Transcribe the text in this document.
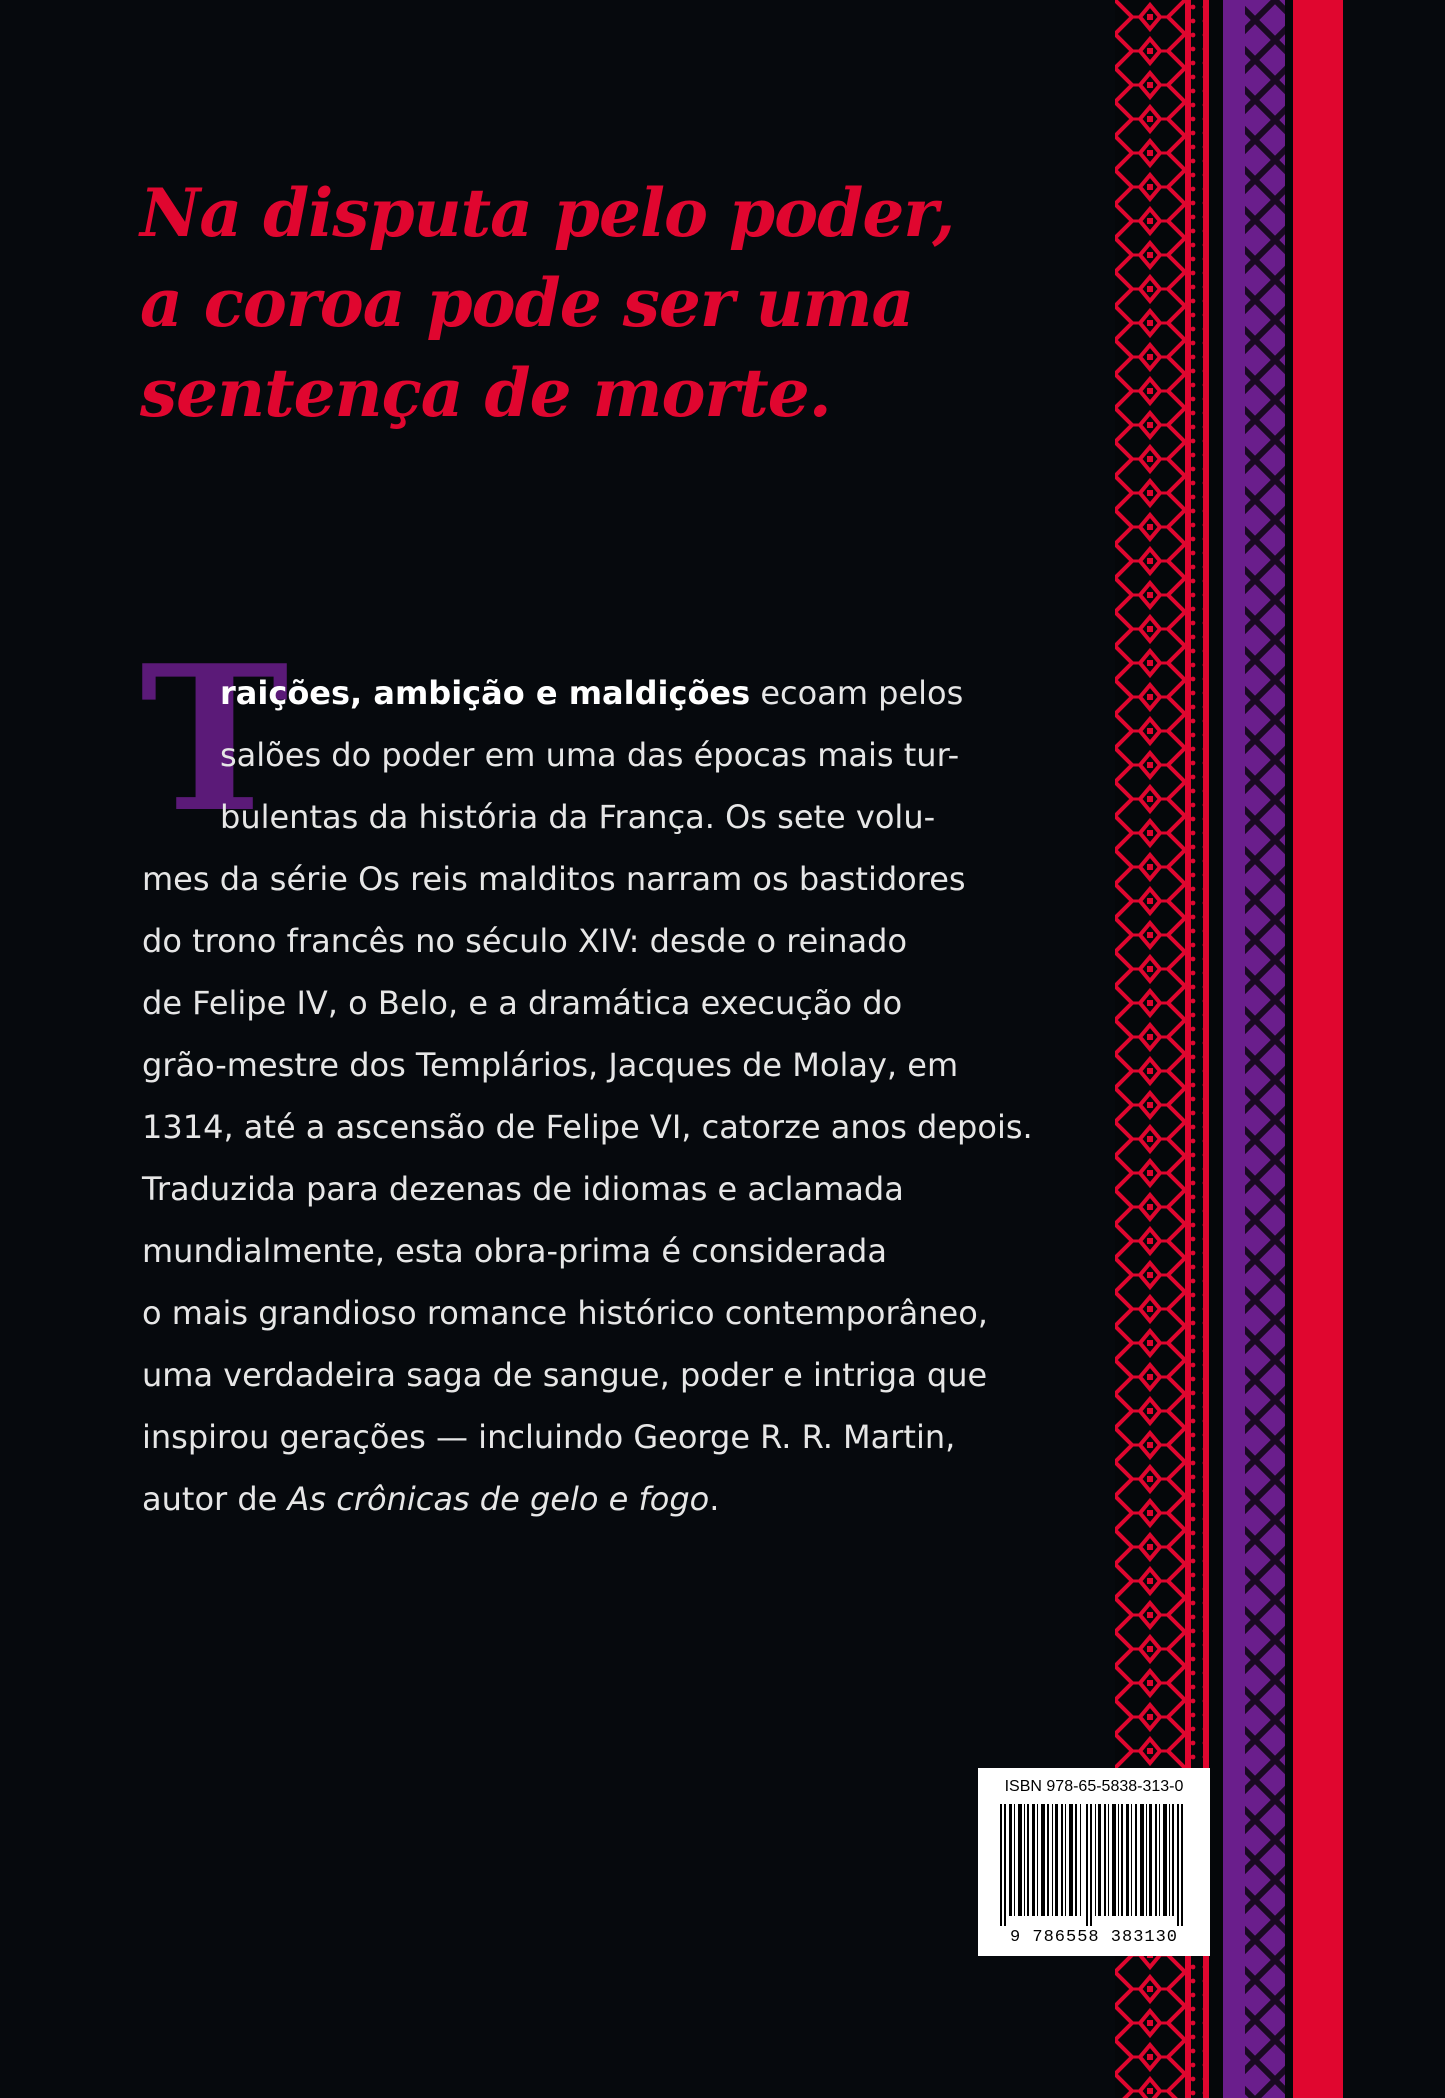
Na disputa pelo poder,
a coroa pode ser uma
sentença de morte.
T
raições, ambição e maldições ecoam pelos
salões do poder em uma das épocas mais tur-
bulentas da história da França. Os sete volu-
mes da série Os reis malditos narram os bastidores
do trono francês no século XIV: desde o reinado
de Felipe IV, o Belo, e a dramática execução do
grão-mestre dos Templários, Jacques de Molay, em
1314, até a ascensão de Felipe VI, catorze anos depois.
Traduzida para dezenas de idiomas e aclamada
mundialmente, esta obra-prima é considerada
o mais grandioso romance histórico contemporâneo,
uma verdadeira saga de sangue, poder e intriga que
inspirou gerações — incluindo George R. R. Martin,
autor de As crônicas de gelo e fogo.
ISBN 978-65-5838-313-0
9 786558 383130
